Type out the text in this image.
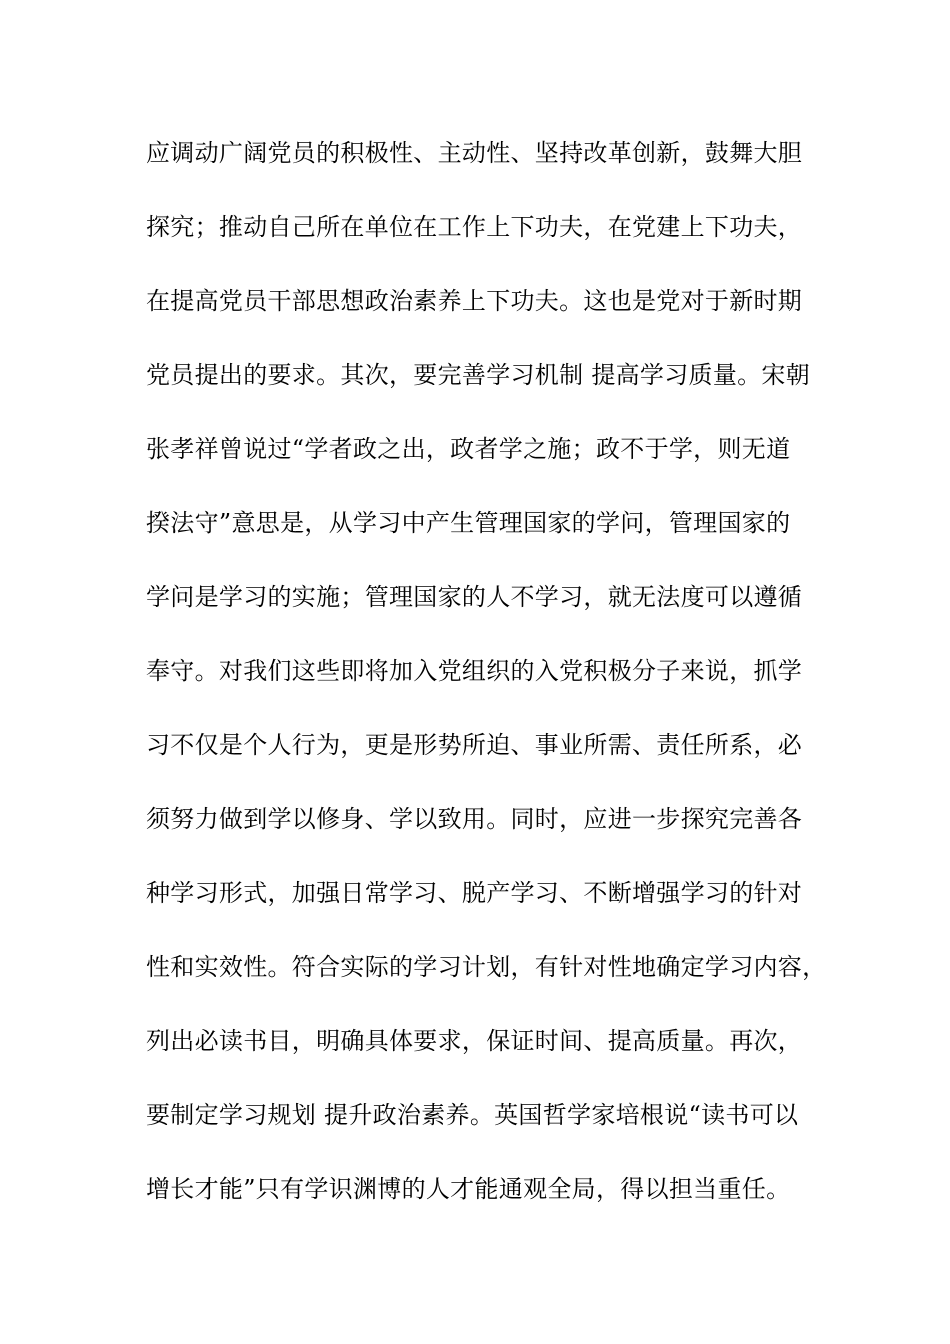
应调动广阔党员的积极性、主动性、坚持改革创新，鼓舞大胆
探究；推动自己所在单位在工作上下功夫，在党建上下功夫，
在提高党员干部思想政治素养上下功夫。这也是党对于新时期
党员提出的要求。其次，要完善学习机制 提高学习质量。宋朝
张孝祥曾说过“学者政之出，政者学之施；政不于学，则无道
揆法守”意思是，从学习中产生管理国家的学问，管理国家的
学问是学习的实施；管理国家的人不学习，就无法度可以遵循
奉守。对我们这些即将加入党组织的入党积极分子来说，抓学
习不仅是个人行为，更是形势所迫、事业所需、责任所系，必
须努力做到学以修身、学以致用。同时，应进一步探究完善各
种学习形式，加强日常学习、脱产学习、不断增强学习的针对
性和实效性。符合实际的学习计划，有针对性地确定学习内容，
列出必读书目，明确具体要求，保证时间、提高质量。再次，
要制定学习规划 提升政治素养。英国哲学家培根说“读书可以
增长才能”只有学识渊博的人才能通观全局，得以担当重任。
